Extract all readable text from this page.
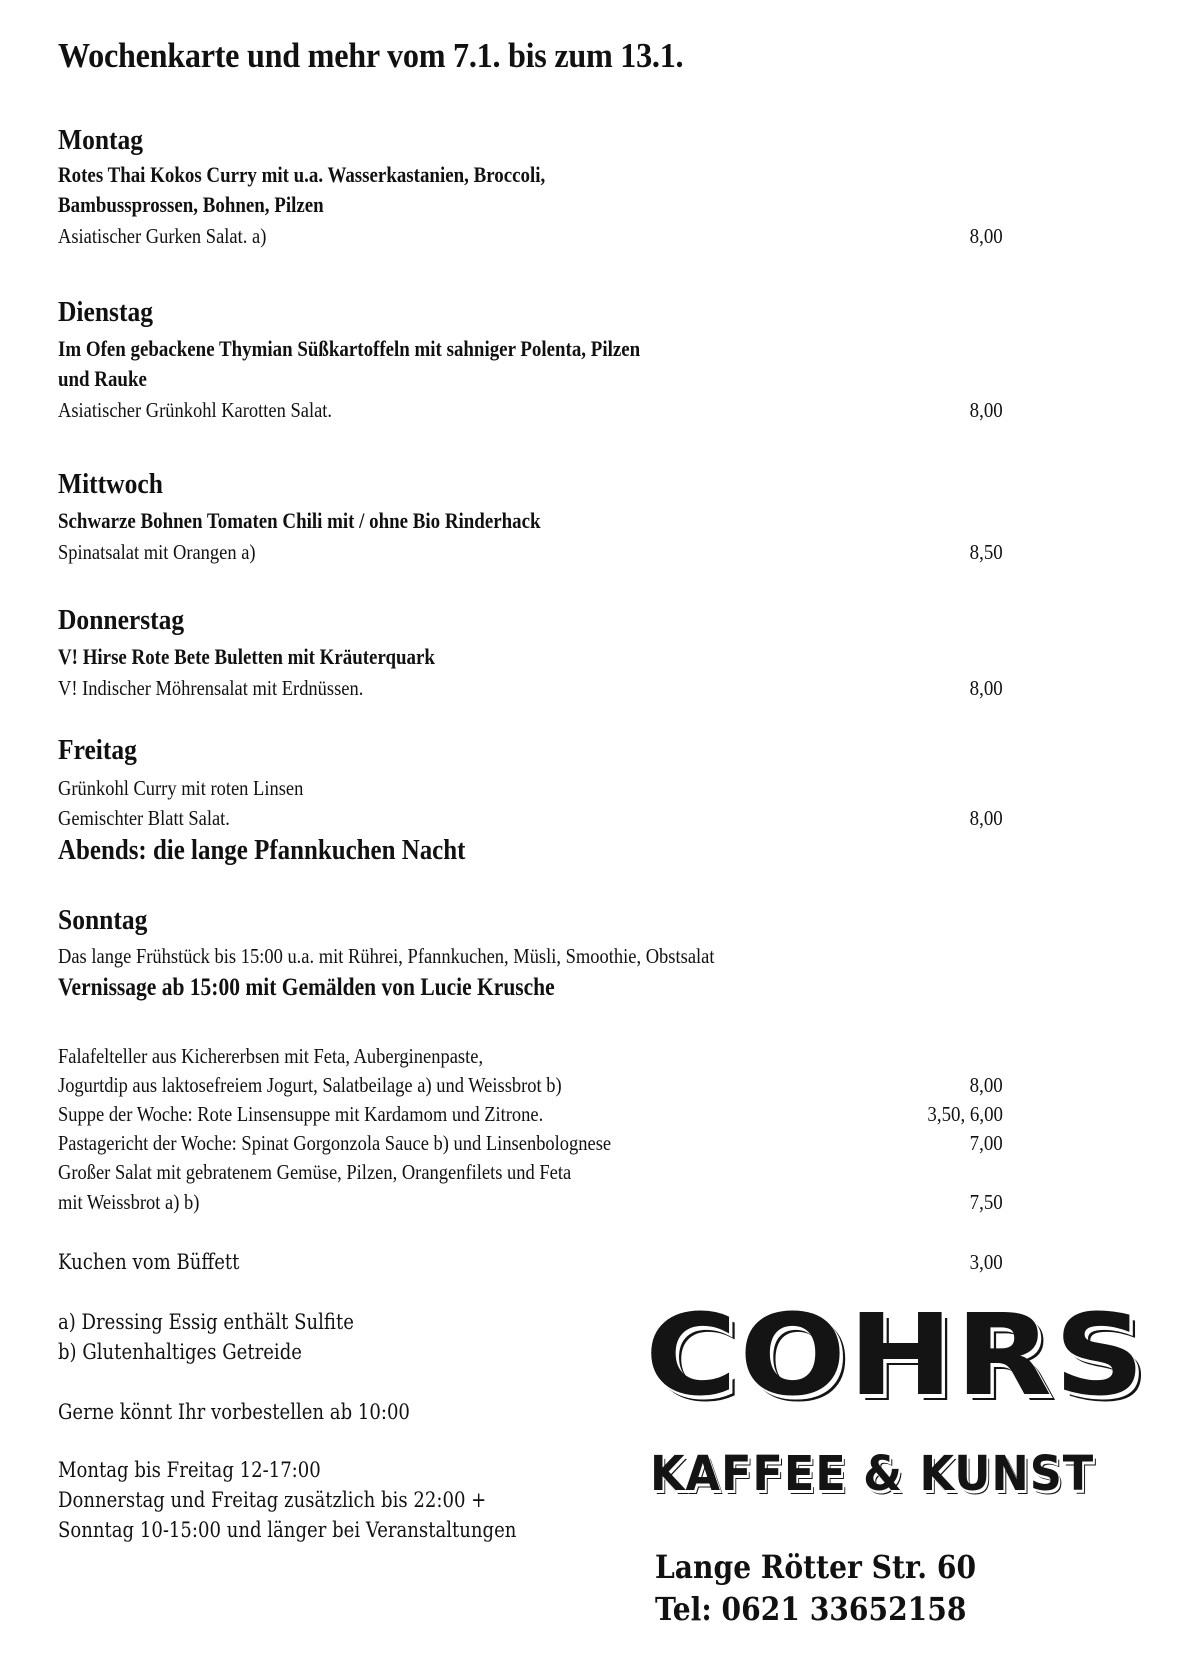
Wochenkarte und mehr vom 7.1. bis zum 13.1.
Montag
Rotes Thai Kokos Curry mit u.a. Wasserkastanien, Broccoli,
Bambussprossen, Bohnen, Pilzen
Asiatischer Gurken Salat. a)	8,00
Dienstag
Im Ofen gebackene Thymian Süßkartoffeln mit sahniger Polenta, Pilzen
und Rauke
Asiatischer Grünkohl Karotten Salat.	8,00
Mittwoch
Schwarze Bohnen Tomaten Chili mit / ohne Bio Rinderhack
Spinatsalat mit Orangen a)	8,50
Donnerstag
V! Hirse Rote Bete Buletten mit Kräuterquark
V! Indischer Möhrensalat mit Erdnüssen.	8,00
Freitag
Grünkohl Curry mit roten Linsen
Gemischter Blatt Salat.	8,00
Abends: die lange Pfannkuchen Nacht
Sonntag
Das lange Frühstück bis 15:00 u.a. mit Rührei, Pfannkuchen, Müsli, Smoothie, Obstsalat
Vernissage ab 15:00 mit Gemälden von Lucie Krusche
Falafelteller aus Kichererbsen mit Feta, Auberginenpaste,
Jogurtdip aus laktosefreiem Jogurt, Salatbeilage a) und Weissbrot b)	8,00
Suppe der Woche: Rote Linsensuppe mit Kardamom und Zitrone.	3,50, 6,00
Pastagericht der Woche: Spinat Gorgonzola Sauce b) und Linsenbolognese	7,00
Großer Salat mit gebratenem Gemüse, Pilzen, Orangenfilets und Feta
mit Weissbrot a) b)	7,50
Kuchen vom Büffett	3,00
a) Dressing Essig enthält Sulfite
b) Glutenhaltiges Getreide
Gerne könnt Ihr vorbestellen ab 10:00
Montag bis Freitag 12-17:00
Donnerstag und Freitag zusätzlich bis 22:00 +
Sonntag 10-15:00 und länger bei Veranstaltungen
COHRS
KAFFEE & KUNST
Lange Rötter Str. 60
Tel: 0621 33652158
